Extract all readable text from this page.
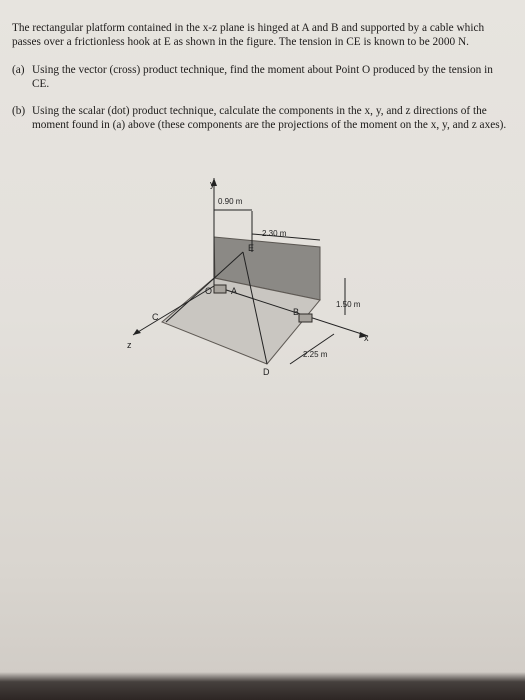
The rectangular platform contained in the x-z plane is hinged at A and B and supported by a cable which passes over a frictionless hook at E as shown in the figure. The tension in CE is known to be 2000 N.
(a) Using the vector (cross) product technique, find the moment about Point O produced by the tension in CE.
(b) Using the scalar (dot) product technique, calculate the components in the x, y, and z directions of the moment found in (a) above (these components are the projections of the moment on the x, y, and z axes).
y
x
z
O A
B
C
D
E
0.90 m
2.30 m
1.50 m
2.25 m
